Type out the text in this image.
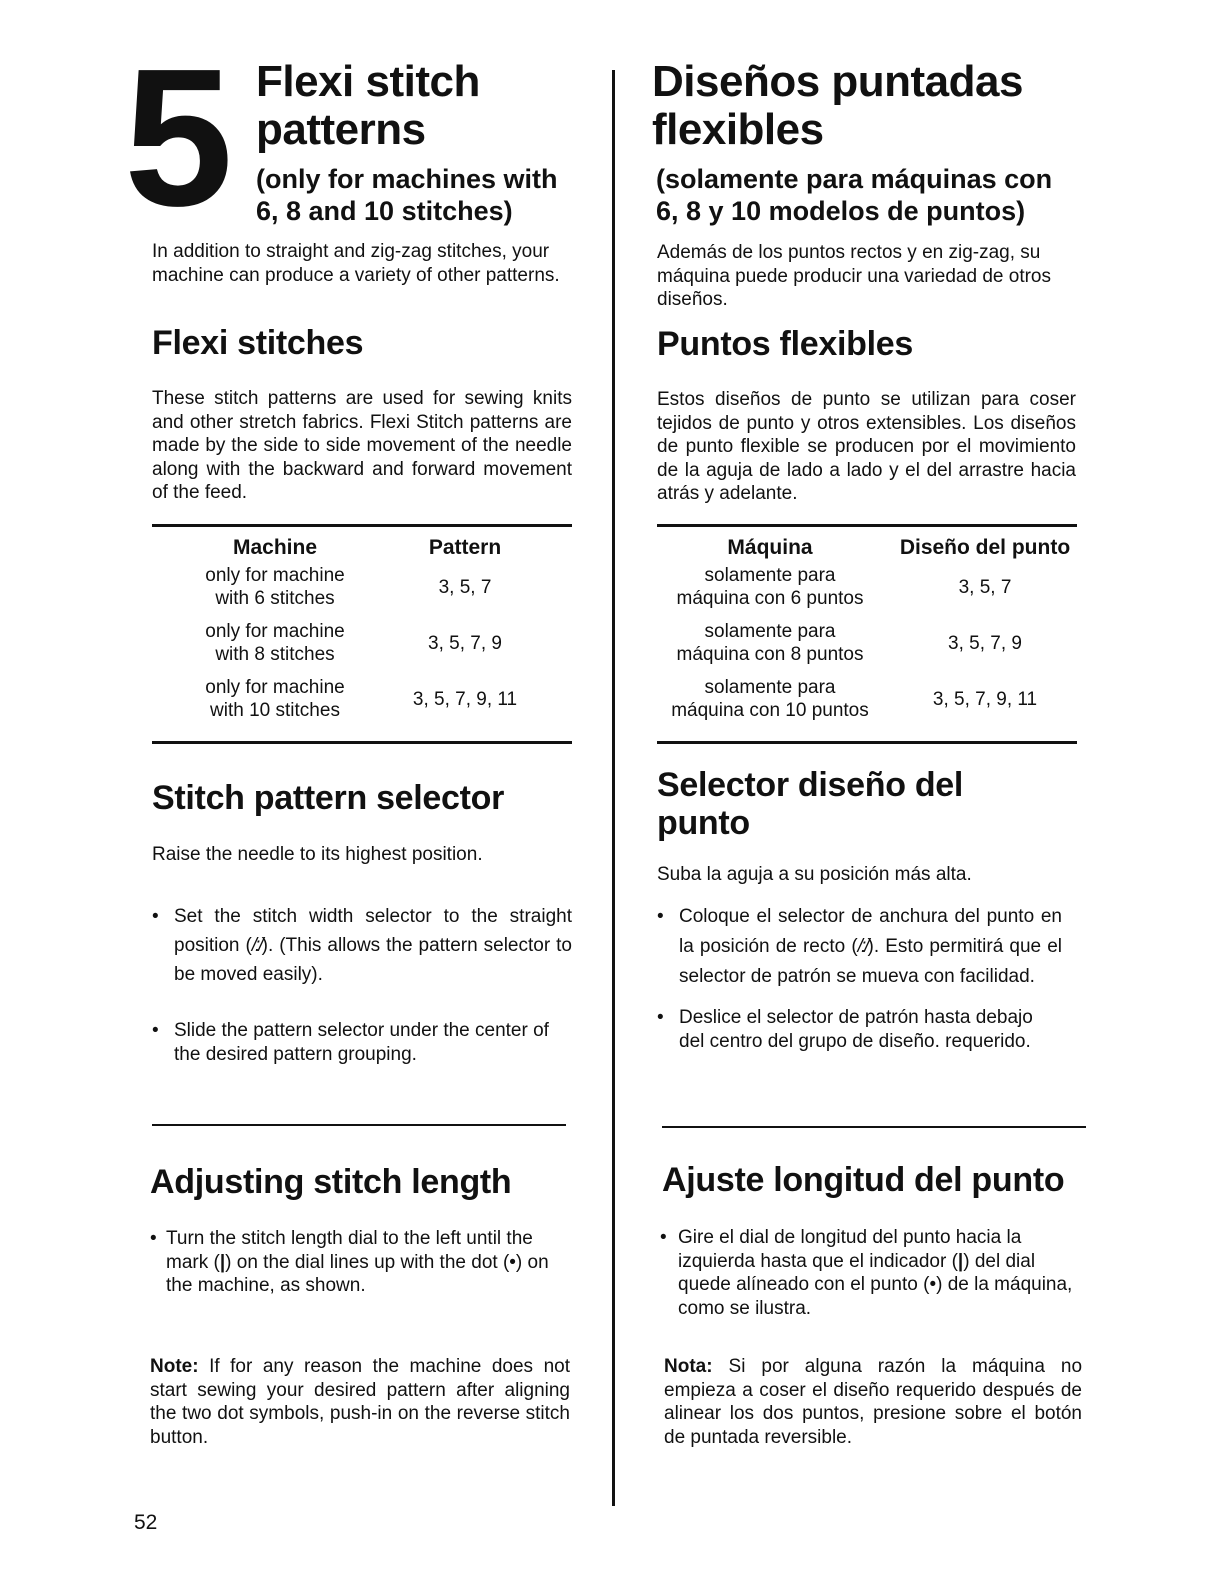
5 Flexi stitch
patterns
(only for machines with
6, 8 and 10 stitches)
In addition to straight and zig-zag stitches, your machine can produce a variety of other patterns.
Flexi stitches
These stitch patterns are used for sewing knits and other stretch fabrics. Flexi Stitch patterns are made by the side to side movement of the needle along with the backward and forward movement of the feed.
Machine	Pattern
only for machine
with 6 stitches	3, 5, 7
only for machine
with 8 stitches	3, 5, 7, 9
only for machine
with 10 stitches	3, 5, 7, 9, 11
Stitch pattern selector
Raise the needle to its highest position.
• Set the stitch width selector to the straight position (/:/). (This allows the pattern selector to be moved easily).
• Slide the pattern selector under the center of the desired pattern grouping.
Adjusting stitch length
• Turn the stitch length dial to the left until the mark (|) on the dial lines up with the dot (•) on the machine, as shown.
Note: If for any reason the machine does not start sewing your desired pattern after aligning the two dot symbols, push-in on the reverse stitch button.
52
Diseños puntadas
flexibles
(solamente para máquinas con
6, 8 y 10 modelos de puntos)
Además de los puntos rectos y en zig-zag, su máquina puede producir una variedad de otros diseños.
Puntos flexibles
Estos diseños de punto se utilizan para coser tejidos de punto y otros extensibles. Los diseños de punto flexible se producen por el movimiento de la aguja de lado a lado y el del arrastre hacia atrás y adelante.
Máquina	Diseño del punto
solamente para
máquina con 6 puntos	3, 5, 7
solamente para
máquina con 8 puntos	3, 5, 7, 9
solamente para
máquina con 10 puntos	3, 5, 7, 9, 11
Selector diseño del
punto
Suba la aguja a su posición más alta.
• Coloque el selector de anchura del punto en la posición de recto (/:/). Esto permitirá que el selector de patrón se mueva con facilidad.
• Deslice el selector de patrón hasta debajo del centro del grupo de diseño. requerido.
Ajuste longitud del punto
• Gire el dial de longitud del punto hacia la izquierda hasta que el indicador (|) del dial quede alíneado con el punto (•) de la máquina, como se ilustra.
Nota: Si por alguna razón la máquina no empieza a coser el diseño requerido después de alinear los dos puntos, presione sobre el botón de puntada reversible.
